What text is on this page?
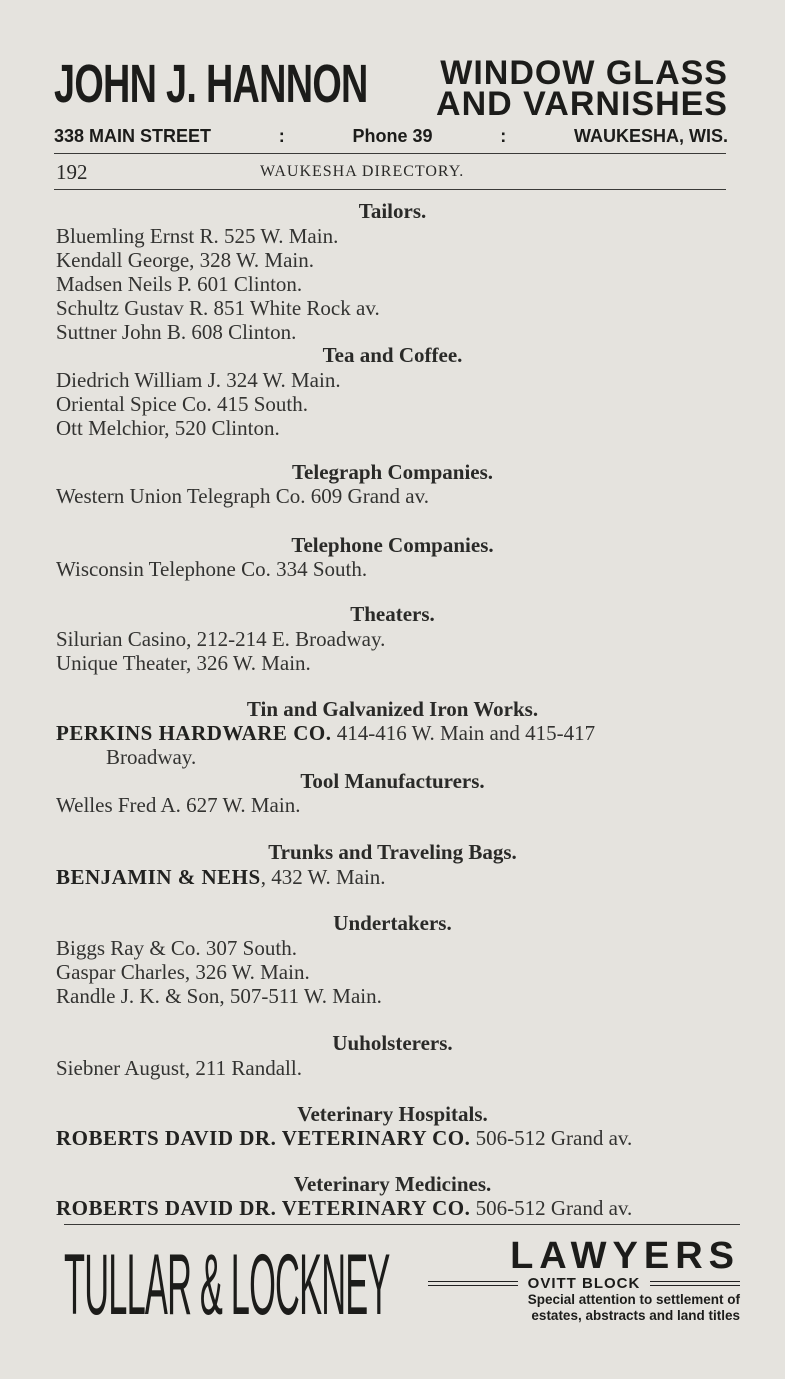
JOHN J. HANNON WINDOW GLASS
AND VARNISHES
338 MAIN STREET	:	Phone 39	:	WAUKESHA, WIS.
192	WAUKESHA DIRECTORY.
Tailors.
Bluemling Ernst R. 525 W. Main.
Kendall George, 328 W. Main.
Madsen Neils P. 601 Clinton.
Schultz Gustav R. 851 White Rock av.
Suttner John B. 608 Clinton.
Tea and Coffee.
Diedrich William J. 324 W. Main.
Oriental Spice Co. 415 South.
Ott Melchior, 520 Clinton.
Telegraph Companies.
Western Union Telegraph Co. 609 Grand av.
Telephone Companies.
Wisconsin Telephone Co. 334 South.
Theaters.
Silurian Casino, 212-214 E. Broadway.
Unique Theater, 326 W. Main.
Tin and Galvanized Iron Works.
PERKINS HARDWARE CO. 414-416 W. Main and 415-417
Broadway.
Tool Manufacturers.
Welles Fred A. 627 W. Main.
Trunks and Traveling Bags.
BENJAMIN & NEHS, 432 W. Main.
Undertakers.
Biggs Ray & Co. 307 South.
Gaspar Charles, 326 W. Main.
Randle J. K. & Son, 507-511 W. Main.
Uuholsterers.
Siebner August, 211 Randall.
Veterinary Hospitals.
ROBERTS DAVID DR. VETERINARY CO. 506-512 Grand av.
Veterinary Medicines.
ROBERTS DAVID DR. VETERINARY CO. 506-512 Grand av.
TULLAR & LOCKNEY	LAWYERS
OVITT BLOCK
Special attention to settlement of
estates, abstracts and land titles
